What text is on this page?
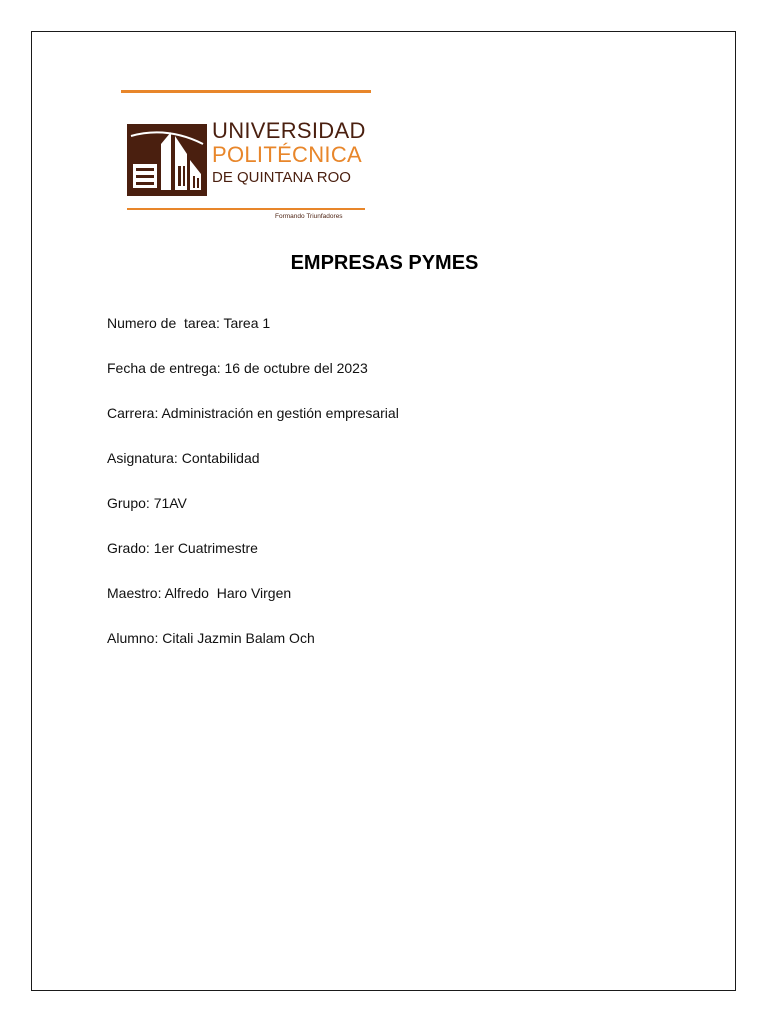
UNIVERSIDAD
POLITÉCNICA
DE QUINTANA ROO
Formando Triunfadores
EMPRESAS PYMES
Numero de  tarea: Tarea 1
Fecha de entrega: 16 de octubre del 2023
Carrera: Administración en gestión empresarial
Asignatura: Contabilidad
Grupo: 71AV
Grado: 1er Cuatrimestre
Maestro: Alfredo  Haro Virgen
Alumno: Citali Jazmin Balam Och
